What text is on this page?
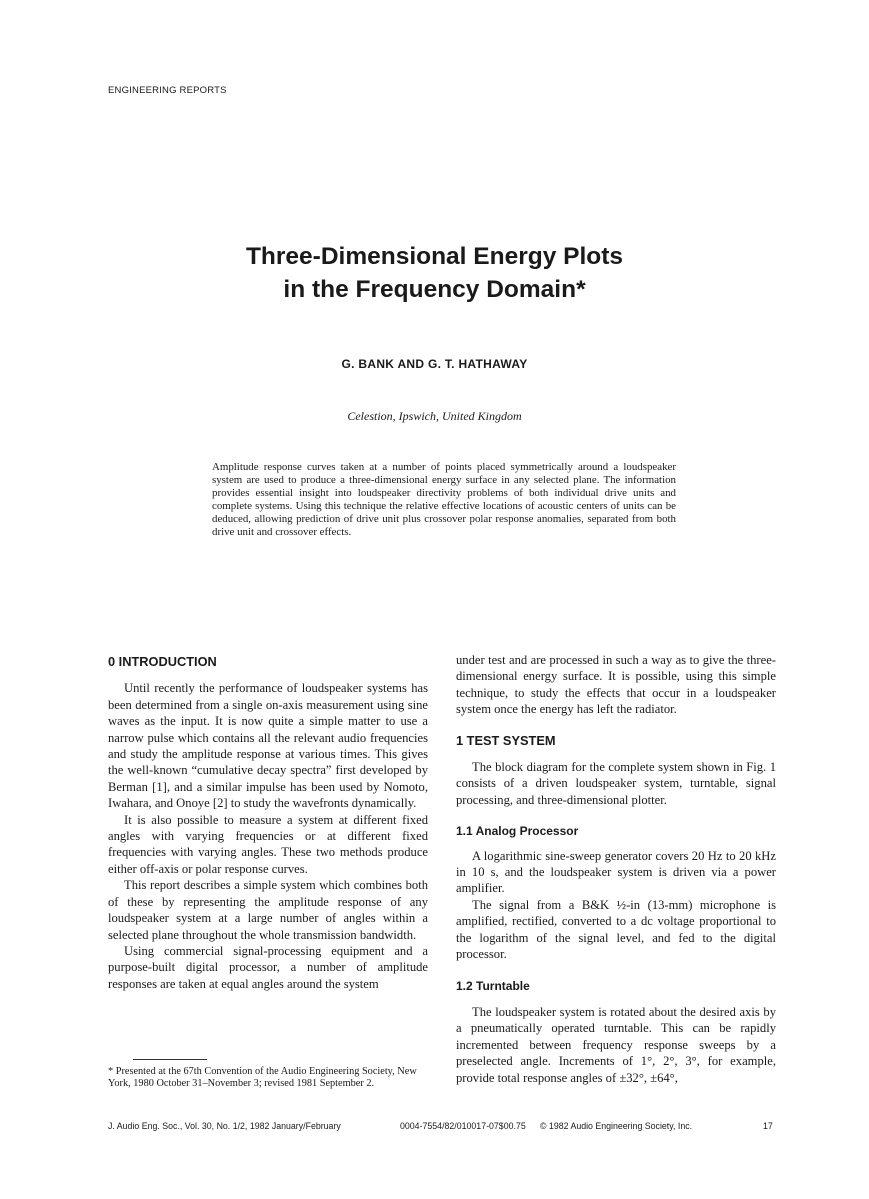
ENGINEERING REPORTS
Three-Dimensional Energy Plots
in the Frequency Domain*
G. BANK AND G. T. HATHAWAY
Celestion, Ipswich, United Kingdom
Amplitude response curves taken at a number of points placed symmetrically around a loudspeaker system are used to produce a three-dimensional energy surface in any selected plane. The information provides essential insight into loudspeaker directivity problems of both individual drive units and complete systems. Using this technique the relative effective locations of acoustic centers of units can be deduced, allowing prediction of drive unit plus crossover polar response anomalies, separated from both drive unit and crossover effects.
0 INTRODUCTION

Until recently the performance of loudspeaker systems has been determined from a single on-axis measurement using sine waves as the input. It is now quite a simple matter to use a narrow pulse which contains all the relevant audio frequencies and study the amplitude response at various times. This gives the well-known “cumulative decay spectra” first developed by Berman [1], and a similar impulse has been used by Nomoto, Iwahara, and Onoye [2] to study the wavefronts dynamically.

It is also possible to measure a system at different fixed angles with varying frequencies or at different fixed frequencies with varying angles. These two methods produce either off-axis or polar response curves.

This report describes a simple system which combines both of these by representing the amplitude response of any loudspeaker system at a large number of angles within a selected plane throughout the whole transmission bandwidth.

Using commercial signal-processing equipment and a purpose-built digital processor, a number of amplitude responses are taken at equal angles around the system

under test and are processed in such a way as to give the three-dimensional energy surface. It is possible, using this simple technique, to study the effects that occur in a loudspeaker system once the energy has left the radiator.

1 TEST SYSTEM

The block diagram for the complete system shown in Fig. 1 consists of a driven loudspeaker system, turntable, signal processing, and three-dimensional plotter.

1.1 Analog Processor

A logarithmic sine-sweep generator covers 20 Hz to 20 kHz in 10 s, and the loudspeaker system is driven via a power amplifier.

The signal from a B&K ½-in (13-mm) microphone is amplified, rectified, converted to a dc voltage proportional to the logarithm of the signal level, and fed to the digital processor.

1.2 Turntable

The loudspeaker system is rotated about the desired axis by a pneumatically operated turntable. This can be rapidly incremented between frequency response sweeps by a preselected angle. Increments of 1°, 2°, 3°, for example, provide total response angles of ±32°, ±64°,

* Presented at the 67th Convention of the Audio Engineering Society, New York, 1980 October 31–November 3; revised 1981 September 2.
J. Audio Eng. Soc., Vol. 30, No. 1/2, 1982 January/February	0004-7554/82/010017-07$00.75 © 1982 Audio Engineering Society, Inc.	17
